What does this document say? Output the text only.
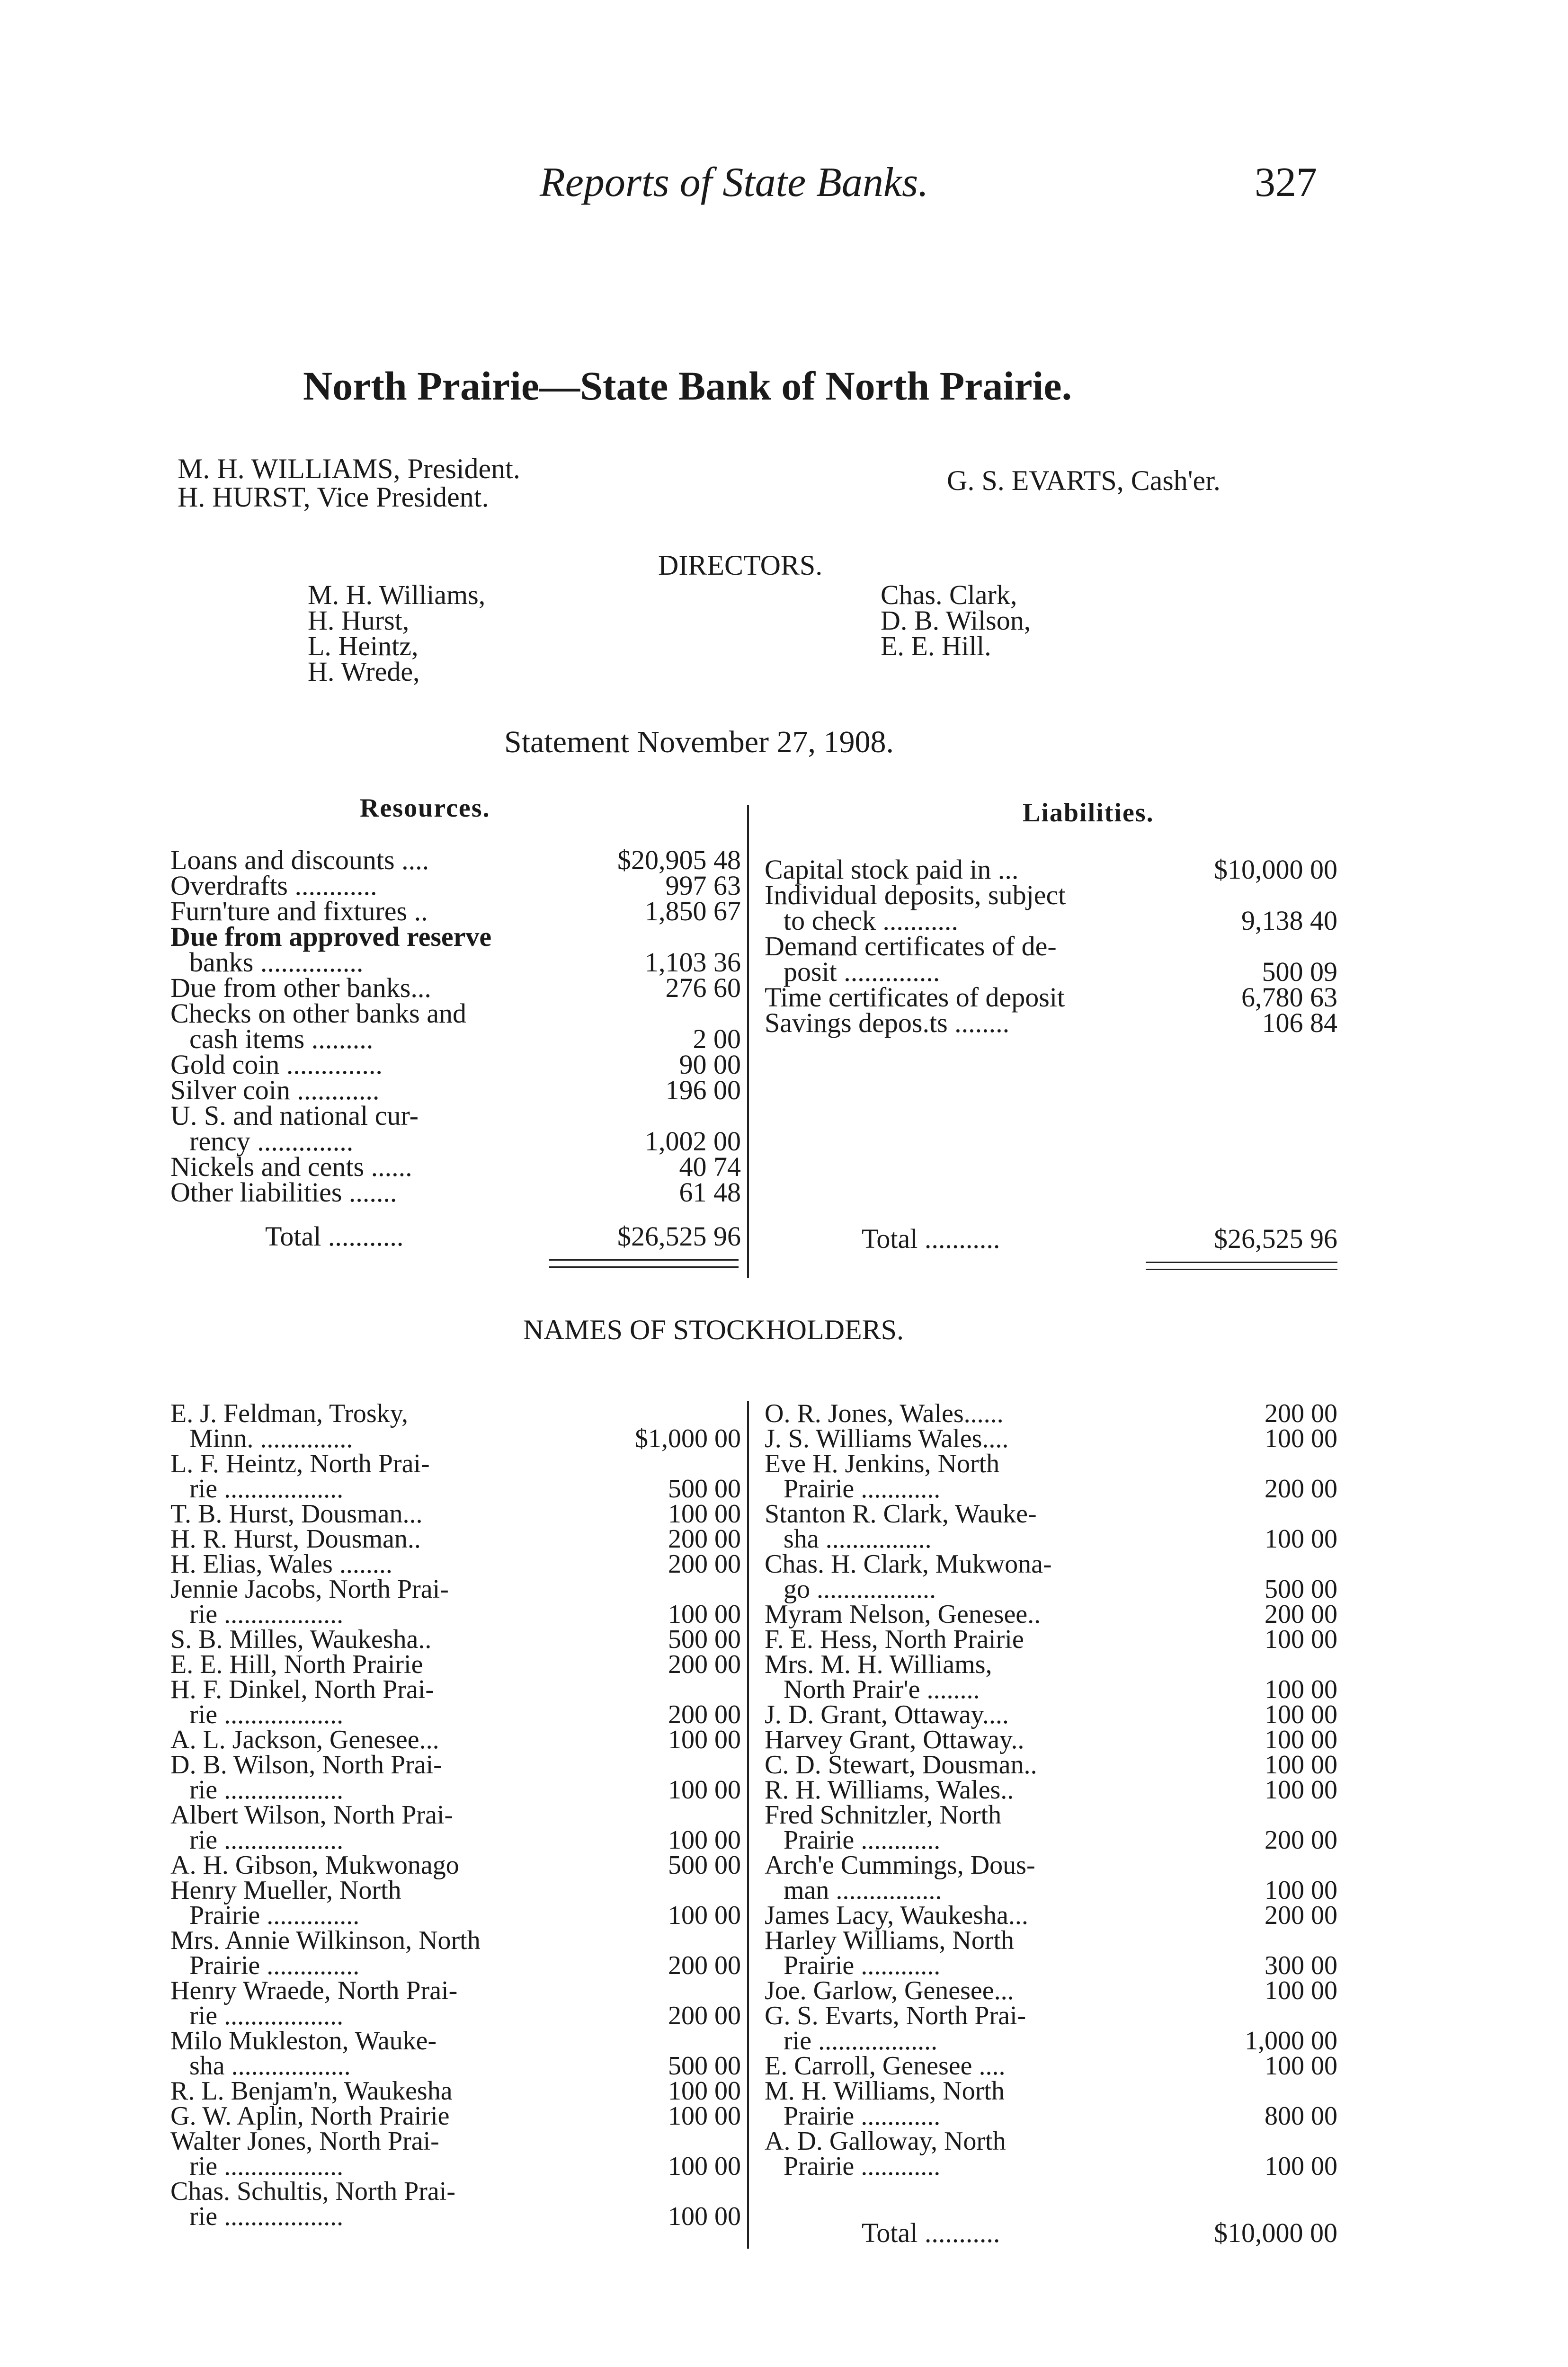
Reports of State Banks.	327
North Prairie—State Bank of North Prairie.
M. H. WILLIAMS, President.
H. HURST, Vice President.
G. S. EVARTS, Cash'er.
DIRECTORS.
M. H. Williams,
H. Hurst,
L. Heintz,
H. Wrede,
Chas. Clark,
D. B. Wilson,
E. E. Hill.
Statement November 27, 1908.
Resources.	Liabilities.
Loans and discounts ....	$20,905 48
Overdrafts ............	997 63
Furn'ture and fixtures ..	1,850 67
Due from approved reserve
banks ...............	1,103 36
Due from other banks...	276 60
Checks on other banks and
cash items .........	2 00
Gold coin ..............	90 00
Silver coin ............	196 00
U. S. and national cur-
rency ..............	1,002 00
Nickels and cents ......	40 74
Other liabilities .......	61 48
Total ...........	$26,525 96
Capital stock paid in ...	$10,000 00
Individual deposits, subject
to check ...........	9,138 40
Demand certificates of de-
posit ..............	500 09
Time certificates of deposit	6,780 63
Savings depos.ts ........	106 84
Total ...........	$26,525 96
NAMES OF STOCKHOLDERS.
E. J. Feldman, Trosky,
Minn. ..............	$1,000 00
L. F. Heintz, North Prai-
rie ..................	500 00
T. B. Hurst, Dousman...	100 00
H. R. Hurst, Dousman..	200 00
H. Elias, Wales ........	200 00
Jennie Jacobs, North Prai-
rie ..................	100 00
S. B. Milles, Waukesha..	500 00
E. E. Hill, North Prairie	200 00
H. F. Dinkel, North Prai-
rie ..................	200 00
A. L. Jackson, Genesee...	100 00
D. B. Wilson, North Prai-
rie ..................	100 00
Albert Wilson, North Prai-
rie ..................	100 00
A. H. Gibson, Mukwonago	500 00
Henry Mueller, North
Prairie ..............	100 00
Mrs. Annie Wilkinson, North
Prairie ..............	200 00
Henry Wraede, North Prai-
rie ..................	200 00
Milo Mukleston, Wauke-
sha ..................	500 00
R. L. Benjam'n, Waukesha	100 00
G. W. Aplin, North Prairie	100 00
Walter Jones, North Prai-
rie ..................	100 00
Chas. Schultis, North Prai-
rie ..................	100 00
O. R. Jones, Wales......	200 00
J. S. Williams Wales....	100 00
Eve H. Jenkins, North
Prairie ............	200 00
Stanton R. Clark, Wauke-
sha ................	100 00
Chas. H. Clark, Mukwona-
go ..................	500 00
Myram Nelson, Genesee..	200 00
F. E. Hess, North Prairie	100 00
Mrs. M. H. Williams,
North Prair'e ........	100 00
J. D. Grant, Ottaway....	100 00
Harvey Grant, Ottaway..	100 00
C. D. Stewart, Dousman..	100 00
R. H. Williams, Wales..	100 00
Fred Schnitzler, North
Prairie ............	200 00
Arch'e Cummings, Dous-
man ................	100 00
James Lacy, Waukesha...	200 00
Harley Williams, North
Prairie ............	300 00
Joe. Garlow, Genesee...	100 00
G. S. Evarts, North Prai-
rie ..................	1,000 00
E. Carroll, Genesee ....	100 00
M. H. Williams, North
Prairie ............	800 00
A. D. Galloway, North
Prairie ............	100 00
Total ...........	$10,000 00
